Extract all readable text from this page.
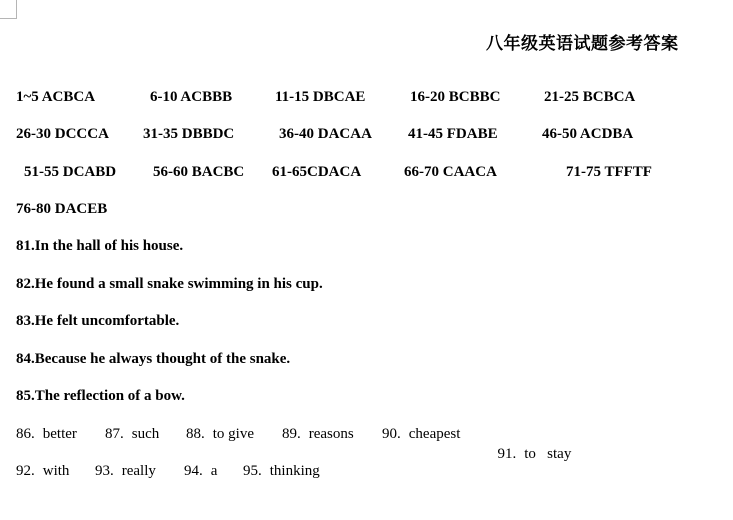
八年级英语试题参考答案
1~5 ACBCA	6-10 ACBBB	11-15 DBCAE	16-20 BCBBC	21-25 BCBCA
26-30 DCCCA 31-35 DBBDC	36-40 DACAA 41-45 FDABE	46-50 ACDBA
51-55 DCABD 56-60 BACBC 61-65CDACA	66-70 CAACA	71-75 TFFTF
76-80 DACEB
81.In the hall of his house.
82.He found a small snake swimming in his cup.
83.He felt uncomfortable.
84.Because he always thought of the snake.
85.The reflection of a bow.
86. better 87. such 88. to give 89. reasons 90. cheapest

91. to   stay

92. with 93. really 94. a 95. thinking
